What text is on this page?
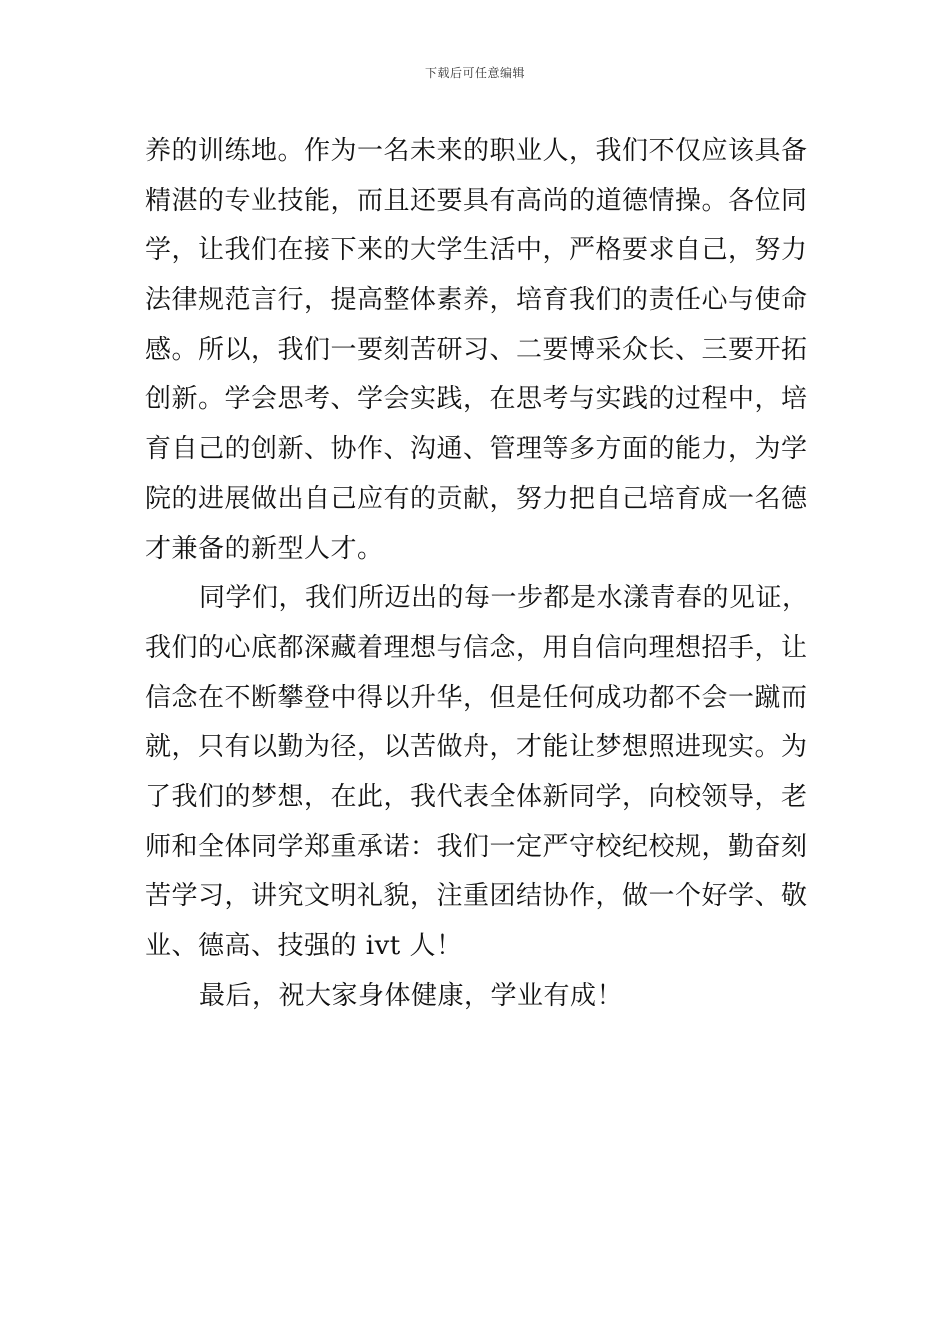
下载后可任意编辑
养的训练地。作为一名未来的职业人，我们不仅应该具备
精湛的专业技能，而且还要具有高尚的道德情操。各位同
学，让我们在接下来的大学生活中，严格要求自己，努力
法律规范言行，提高整体素养，培育我们的责任心与使命
感。所以，我们一要刻苦研习、二要博采众长、三要开拓
创新。学会思考、学会实践，在思考与实践的过程中，培
育自己的创新、协作、沟通、管理等多方面的能力，为学
院的进展做出自己应有的贡献，努力把自己培育成一名德
才兼备的新型人才。
同学们，我们所迈出的每一步都是水漾青春的见证，
我们的心底都深藏着理想与信念，用自信向理想招手，让
信念在不断攀登中得以升华，但是任何成功都不会一蹴而
就，只有以勤为径，以苦做舟，才能让梦想照进现实。为
了我们的梦想，在此，我代表全体新同学，向校领导，老
师和全体同学郑重承诺：我们一定严守校纪校规，勤奋刻
苦学习，讲究文明礼貌，注重团结协作，做一个好学、敬
业、德高、技强的 ivt 人！
最后，祝大家身体健康，学业有成！
